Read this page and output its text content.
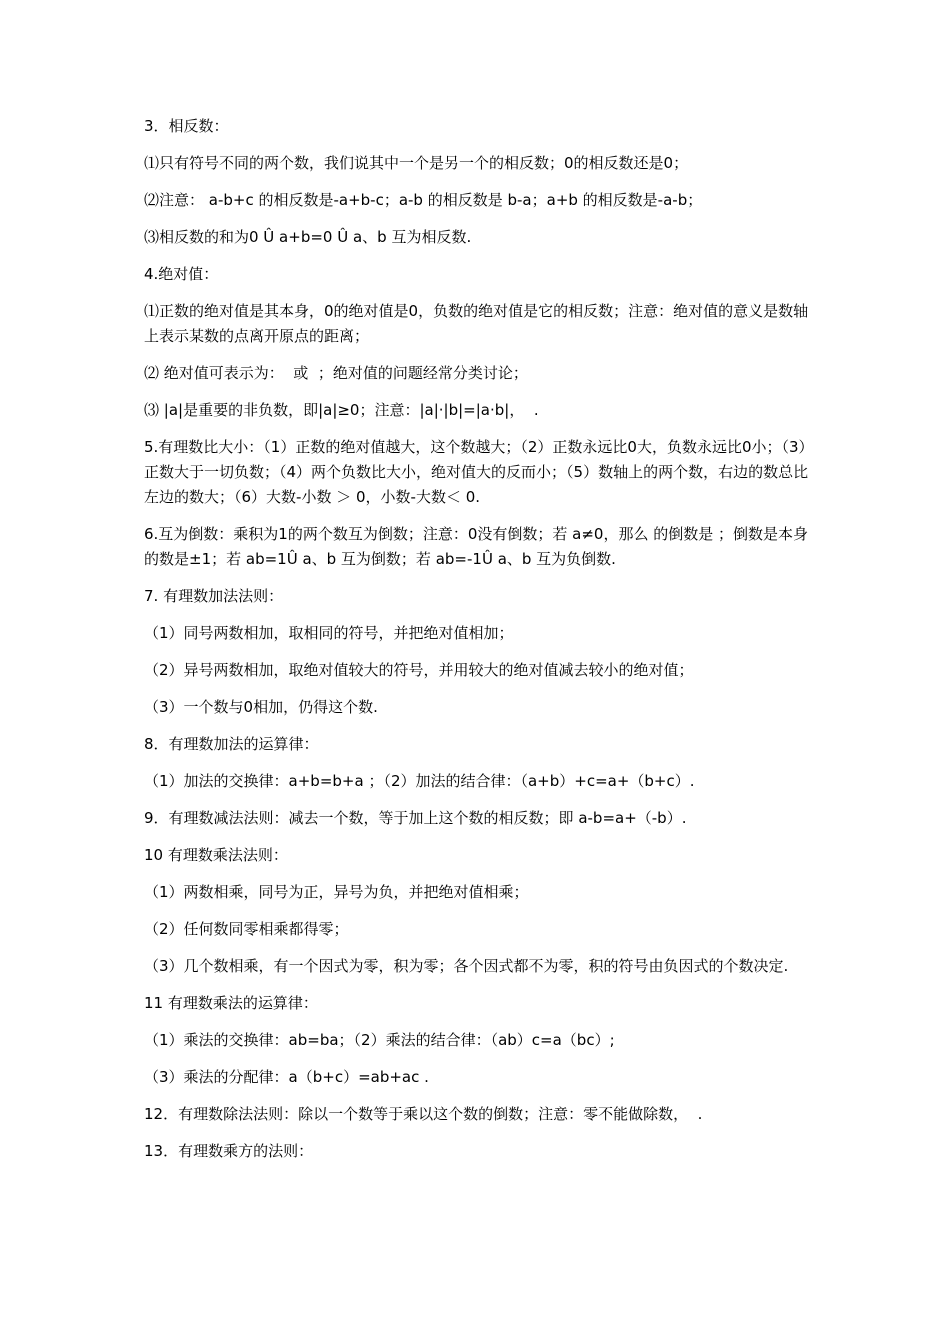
3．相反数：

⑴只有符号不同的两个数，我们说其中一个是另一个的相反数；0的相反数还是0；

⑵注意： a-b+c 的相反数是-a+b-c；a-b 的相反数是 b-a；a+b 的相反数是-a-b；

⑶相反数的和为0 Û a+b=0 Û a、b 互为相反数.

4.绝对值：

⑴正数的绝对值是其本身，0的绝对值是0，负数的绝对值是它的相反数；注意：绝对值的意义是数轴上表示某数的点离开原点的距离；

⑵ 绝对值可表示为：  或  ；绝对值的问题经常分类讨论；

⑶ |a|是重要的非负数，即|a|≥0；注意：|a|·|b|=|a·b|，  .

5.有理数比大小：（1）正数的绝对值越大，这个数越大；（2）正数永远比0大，负数永远比0小；（3）正数大于一切负数；（4）两个负数比大小，绝对值大的反而小；（5）数轴上的两个数，右边的数总比左边的数大；（6）大数-小数 ＞ 0，小数-大数＜ 0.

6.互为倒数：乘积为1的两个数互为倒数；注意：0没有倒数；若 a≠0，那么 的倒数是 ；倒数是本身的数是±1；若 ab=1Û a、b 互为倒数；若 ab=-1Û a、b 互为负倒数.

7. 有理数加法法则：

（1）同号两数相加，取相同的符号，并把绝对值相加；

（2）异号两数相加，取绝对值较大的符号，并用较大的绝对值减去较小的绝对值；

（3）一个数与0相加，仍得这个数.

8．有理数加法的运算律：

（1）加法的交换律：a+b=b+a ；（2）加法的结合律：（a+b）+c=a+（b+c）.

9．有理数减法法则：减去一个数，等于加上这个数的相反数；即 a-b=a+（-b）.

10 有理数乘法法则：

（1）两数相乘，同号为正，异号为负，并把绝对值相乘；

（2）任何数同零相乘都得零；

（3）几个数相乘，有一个因式为零，积为零；各个因式都不为零，积的符号由负因式的个数决定.

11 有理数乘法的运算律：

（1）乘法的交换律：ab=ba；（2）乘法的结合律：（ab）c=a（bc）;

（3）乘法的分配律：a（b+c）=ab+ac .

12．有理数除法法则：除以一个数等于乘以这个数的倒数；注意：零不能做除数，  .

13．有理数乘方的法则：
